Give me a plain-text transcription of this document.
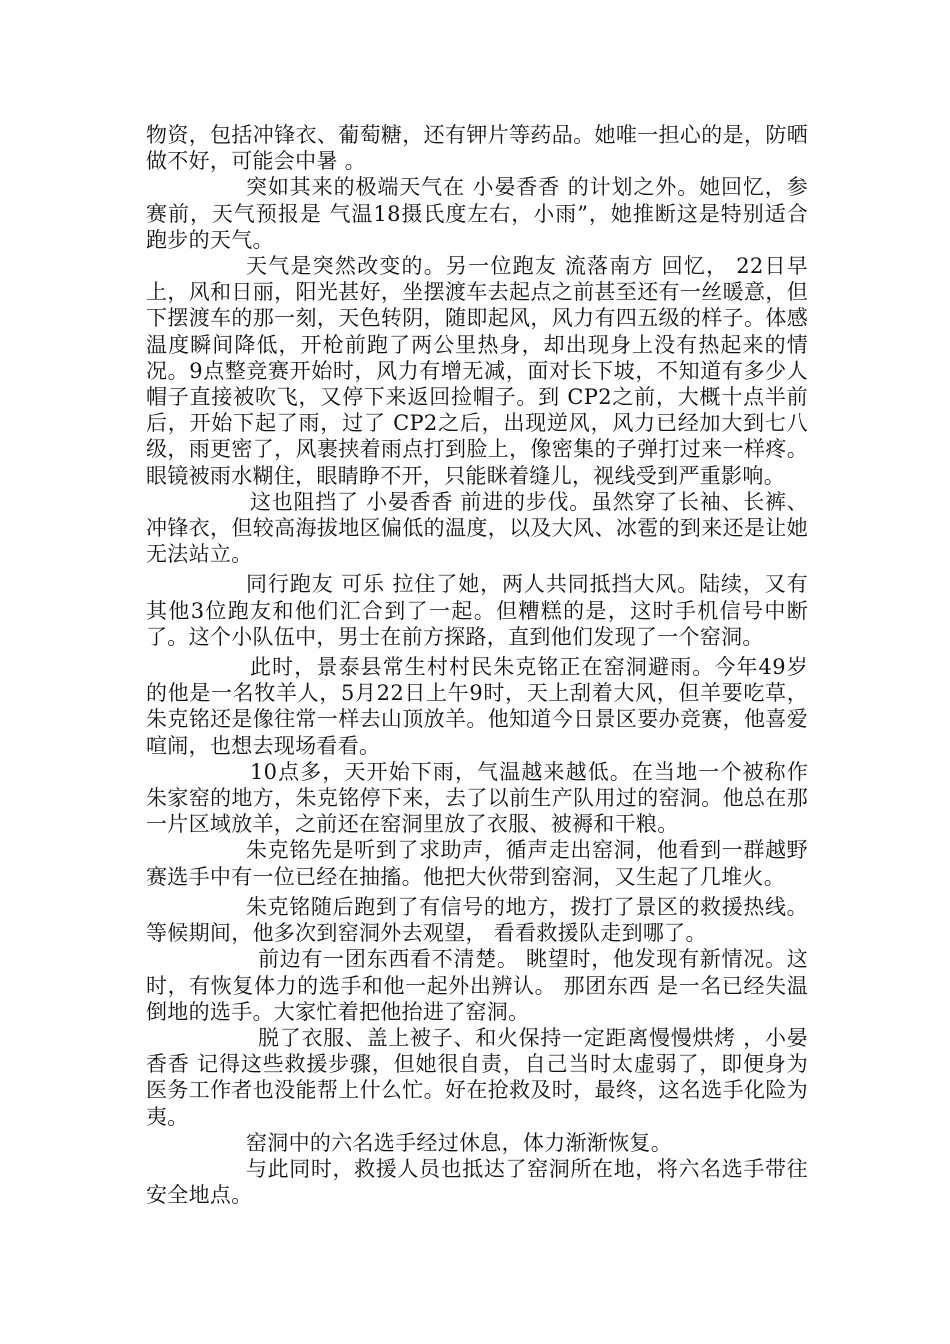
物资，包括冲锋衣、葡萄糖，还有钾片等药品。她唯一担心的是，防晒做不好，可能会中暑 。

突如其来的极端天气在 小晏香香 的计划之外。她回忆，参赛前，天气预报是 气温18摄氏度左右，小雨”，她推断这是特别适合跑步的天气。

天气是突然改变的。另一位跑友 流落南方 回忆， 22日早上，风和日丽，阳光甚好，坐摆渡车去起点之前甚至还有一丝暖意，但下摆渡车的那一刻，天色转阴，随即起风，风力有四五级的样子。体感温度瞬间降低，开枪前跑了两公里热身，却出现身上没有热起来的情况。9点整竞赛开始时，风力有增无减，面对长下坡，不知道有多少人帽子直接被吹飞，又停下来返回捡帽子。到 CP2之前，大概十点半前后，开始下起了雨，过了 CP2之后，出现逆风，风力已经加大到七八级，雨更密了，风裹挟着雨点打到脸上，像密集的子弹打过来一样疼。眼镜被雨水糊住，眼睛睁不开，只能眯着缝儿，视线受到严重影响。

这也阻挡了 小晏香香 前进的步伐。虽然穿了长袖、长裤、冲锋衣，但较高海拔地区偏低的温度，以及大风、冰雹的到来还是让她无法站立。

同行跑友 可乐 拉住了她，两人共同抵挡大风。陆续，又有其他3位跑友和他们汇合到了一起。但糟糕的是，这时手机信号中断了。这个小队伍中，男士在前方探路，直到他们发现了一个窑洞。

此时，景泰县常生村村民朱克铭正在窑洞避雨。今年49岁的他是一名牧羊人，5月22日上午9时，天上刮着大风，但羊要吃草，朱克铭还是像往常一样去山顶放羊。他知道今日景区要办竞赛，他喜爱喧闹，也想去现场看看。

10点多，天开始下雨，气温越来越低。在当地一个被称作朱家窑的地方，朱克铭停下来，去了以前生产队用过的窑洞。他总在那一片区域放羊，之前还在窑洞里放了衣服、被褥和干粮。

朱克铭先是听到了求助声，循声走出窑洞，他看到一群越野赛选手中有一位已经在抽搐。他把大伙带到窑洞，又生起了几堆火。

朱克铭随后跑到了有信号的地方，拨打了景区的救援热线。等候期间，他多次到窑洞外去观望， 看看救援队走到哪了。

前边有一团东西看不清楚。 眺望时，他发现有新情况。这时，有恢复体力的选手和他一起外出辨认。 那团东西 是一名已经失温倒地的选手。大家忙着把他抬进了窑洞。

脱了衣服、盖上被子、和火保持一定距离慢慢烘烤 ，小晏香香 记得这些救援步骤，但她很自责，自己当时太虚弱了，即便身为医务工作者也没能帮上什么忙。好在抢救及时，最终，这名选手化险为夷。

窑洞中的六名选手经过休息，体力渐渐恢复。

与此同时，救援人员也抵达了窑洞所在地，将六名选手带往安全地点。
